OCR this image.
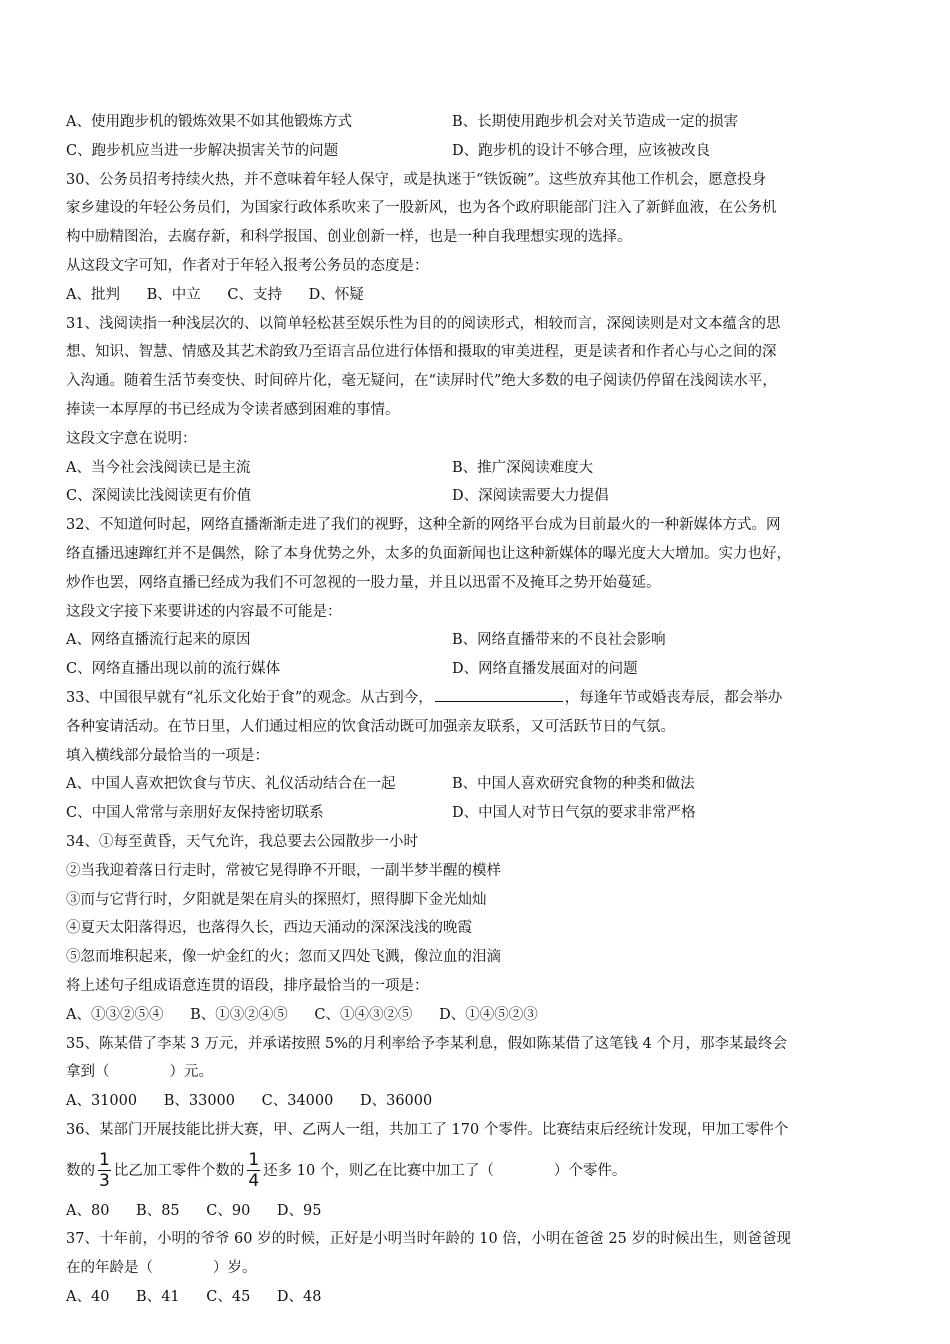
A、使用跑步机的锻炼效果不如其他锻炼方式	B、长期使用跑步机会对关节造成一定的损害
C、跑步机应当进一步解决损害关节的问题	D、跑步机的设计不够合理，应该被改良
30、公务员招考持续火热，并不意味着年轻人保守，或是执迷于“铁饭碗”。这些放弃其他工作机会，愿意投身
家乡建设的年轻公务员们，为国家行政体系吹来了一股新风，也为各个政府职能部门注入了新鲜血液，在公务机
构中励精图治，去腐存新，和科学报国、创业创新一样，也是一种自我理想实现的选择。
从这段文字可知，作者对于年轻入报考公务员的态度是：
A、批判 B、中立 C、支持 D、怀疑
31、浅阅读指一种浅层次的、以简单轻松甚至娱乐性为目的的阅读形式，相较而言，深阅读则是对文本蕴含的思
想、知识、智慧、情感及其艺术韵致乃至语言品位进行体悟和摄取的审美进程，更是读者和作者心与心之间的深
入沟通。随着生活节奏变快、时间碎片化，毫无疑问，在“读屏时代”绝大多数的电子阅读仍停留在浅阅读水平，
捧读一本厚厚的书已经成为令读者感到困难的事情。
这段文字意在说明：
A、当今社会浅阅读已是主流	B、推广深阅读难度大
C、深阅读比浅阅读更有价值	D、深阅读需要大力提倡
32、不知道何时起，网络直播渐渐走进了我们的视野，这种全新的网络平台成为目前最火的一种新媒体方式。网
络直播迅速蹿红并不是偶然，除了本身优势之外，太多的负面新闻也让这种新媒体的曝光度大大增加。实力也好，
炒作也罢，网络直播已经成为我们不可忽视的一股力量，并且以迅雷不及掩耳之势开始蔓延。
这段文字接下来要讲述的内容最不可能是：
A、网络直播流行起来的原因	B、网络直播带来的不良社会影响
C、网络直播出现以前的流行媒体	D、网络直播发展面对的问题
33、中国很早就有“礼乐文化始于食”的观念。从古到今，	，每逢年节或婚丧寿辰，都会举办
各种宴请活动。在节日里，人们通过相应的饮食活动既可加强亲友联系，又可活跃节日的气氛。
填入横线部分最恰当的一项是：
A、中国人喜欢把饮食与节庆、礼仪活动结合在一起	B、中国人喜欢研究食物的种类和做法
C、中国人常常与亲朋好友保持密切联系	D、中国人对节日气氛的要求非常严格
34、①每至黄昏，天气允许，我总要去公园散步一小时
②当我迎着落日行走时，常被它晃得睁不开眼，一副半梦半醒的模样
③而与它背行时，夕阳就是架在肩头的探照灯，照得脚下金光灿灿
④夏天太阳落得迟，也落得久长，西边天涌动的深深浅浅的晚霞
⑤忽而堆积起来，像一炉金红的火；忽而又四处飞溅，像泣血的泪滴
将上述句子组成语意连贯的语段，排序最恰当的一项是：
A、①③②⑤④ B、①③②④⑤ C、①④③②⑤ D、①④⑤②③
35、陈某借了李某 3 万元，并承诺按照 5%的月利率给予李某利息，假如陈某借了这笔钱 4 个月，那李某最终会
拿到（	）元。
A、31000 B、33000 C、34000 D、36000
36、某部门开展技能比拼大赛，甲、乙两人一组，共加工了 170 个零件。比赛结束后经统计发现，甲加工零件个
数的 $\frac{1}{3}$ 比乙加工零件个数的 $\frac{1}{4}$ 还多 10 个，则乙在比赛中加工了（	）个零件。
A、80 B、85 C、90 D、95
37、十年前，小明的爷爷 60 岁的时候，正好是小明当时年龄的 10 倍，小明在爸爸 25 岁的时候出生，则爸爸现
在的年龄是（	）岁。
A、40 B、41 C、45 D、48
